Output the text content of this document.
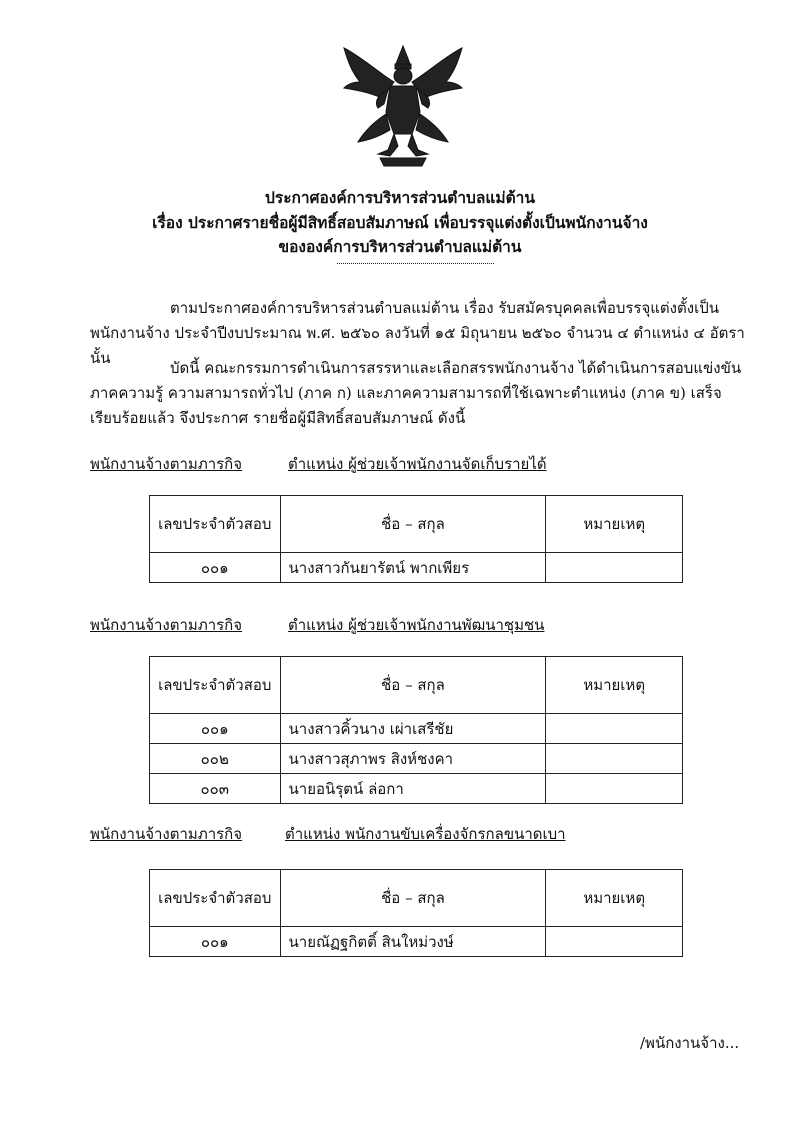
ประกาศองค์การบริหารส่วนตำบลแม่ต้าน
เรื่อง ประกาศรายชื่อผู้มีสิทธิ์สอบสัมภาษณ์ เพื่อบรรจุแต่งตั้งเป็นพนักงานจ้าง
ขององค์การบริหารส่วนตำบลแม่ต้าน
ตามประกาศองค์การบริหารส่วนตำบลแม่ต้าน เรื่อง รับสมัครบุคคลเพื่อบรรจุแต่งตั้งเป็นพนักงานจ้าง ประจำปีงบประมาณ พ.ศ. ๒๕๖๐ ลงวันที่ ๑๕ มิถุนายน ๒๕๖๐ จำนวน ๔ ตำแหน่ง ๔ อัตรา นั้น
บัดนี้ คณะกรรมการดำเนินการสรรหาและเลือกสรรพนักงานจ้าง ได้ดำเนินการสอบแข่งขันภาคความรู้ ความสามารถทั่วไป (ภาค ก) และภาคความสามารถที่ใช้เฉพาะตำแหน่ง (ภาค ข) เสร็จเรียบร้อยแล้ว จึงประกาศ รายชื่อผู้มีสิทธิ์สอบสัมภาษณ์ ดังนี้
พนักงานจ้างตามภารกิจ	ตำแหน่ง ผู้ช่วยเจ้าพนักงานจัดเก็บรายได้
เลขประจำตัวสอบ	ชื่อ – สกุล	หมายเหตุ
๐๐๑	นางสาวกันยารัตน์ พากเพียร	
พนักงานจ้างตามภารกิจ	ตำแหน่ง ผู้ช่วยเจ้าพนักงานพัฒนาชุมชน
เลขประจำตัวสอบ	ชื่อ – สกุล	หมายเหตุ
๐๐๑	นางสาวคิ้วนาง เผ่าเสรีชัย	
๐๐๒	นางสาวสุภาพร สิงห์ชงคา	
๐๐๓	นายอนิรุตน์ ล่อกา	
พนักงานจ้างตามภารกิจ	ตำแหน่ง พนักงานขับเครื่องจักรกลขนาดเบา
เลขประจำตัวสอบ	ชื่อ – สกุล	หมายเหตุ
๐๐๑	นายณัฏฐกิตติ์ สินใหม่วงษ์	
/พนักงานจ้าง...
